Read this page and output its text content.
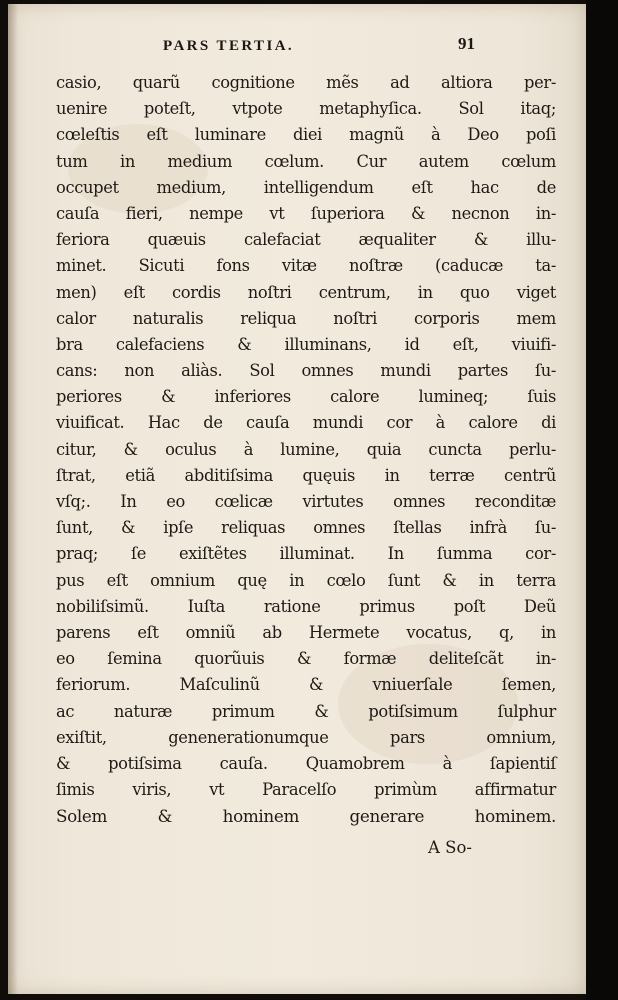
PARS TERTIA.	91
casio, quarũ cognitione mẽs ad altiora per-
uenire poteſt, vtpote metaphyſica. Sol itaq;
cœleſtis eſt luminare diei magnũ à Deo poſi
tum in medium cœlum. Cur autem cœlum
occupet medium, intelligendum eſt hac de
cauſa fieri, nempe vt ſuperiora & necnon in-
feriora quæuis calefaciat æqualiter & illu-
minet. Sicuti fons vitæ noſtræ (caducæ ta-
men) eſt cordis noſtri centrum, in quo viget
calor naturalis reliqua noſtri corporis mem
bra calefaciens & illuminans, id eſt, viuifi-
cans: non aliàs. Sol omnes mundi partes ſu-
periores & inferiores calore lumineq; ſuis
viuificat. Hac de cauſa mundi cor à calore di
citur, & oculus à lumine, quia cuncta perlu-
ſtrat, etiã abditiſsima quęuis in terræ centrũ
vſq;. In eo cœlicæ virtutes omnes reconditæ
ſunt, & ipſe reliquas omnes ſtellas infrà ſu-
praq; ſe exiſtẽtes illuminat. In ſumma cor-
pus eſt omnium quę in cœlo ſunt & in terra
nobiliſsimũ. Iuſta ratione primus poſt Deũ
parens eſt omniũ ab Hermete vocatus, q, in
eo ſemina quorũuis & formæ deliteſcãt in-
feriorum. Maſculinũ & vniuerſale ſemen,
ac naturæ primum & potiſsimum ſulphur
exiſtit, genenerationumque pars omnium,
& potiſsima cauſa. Quamobrem à ſapientiſ
ſimis viris, vt Paracelſo primùm affirmatur
Solem & hominem generare hominem.
A So-
